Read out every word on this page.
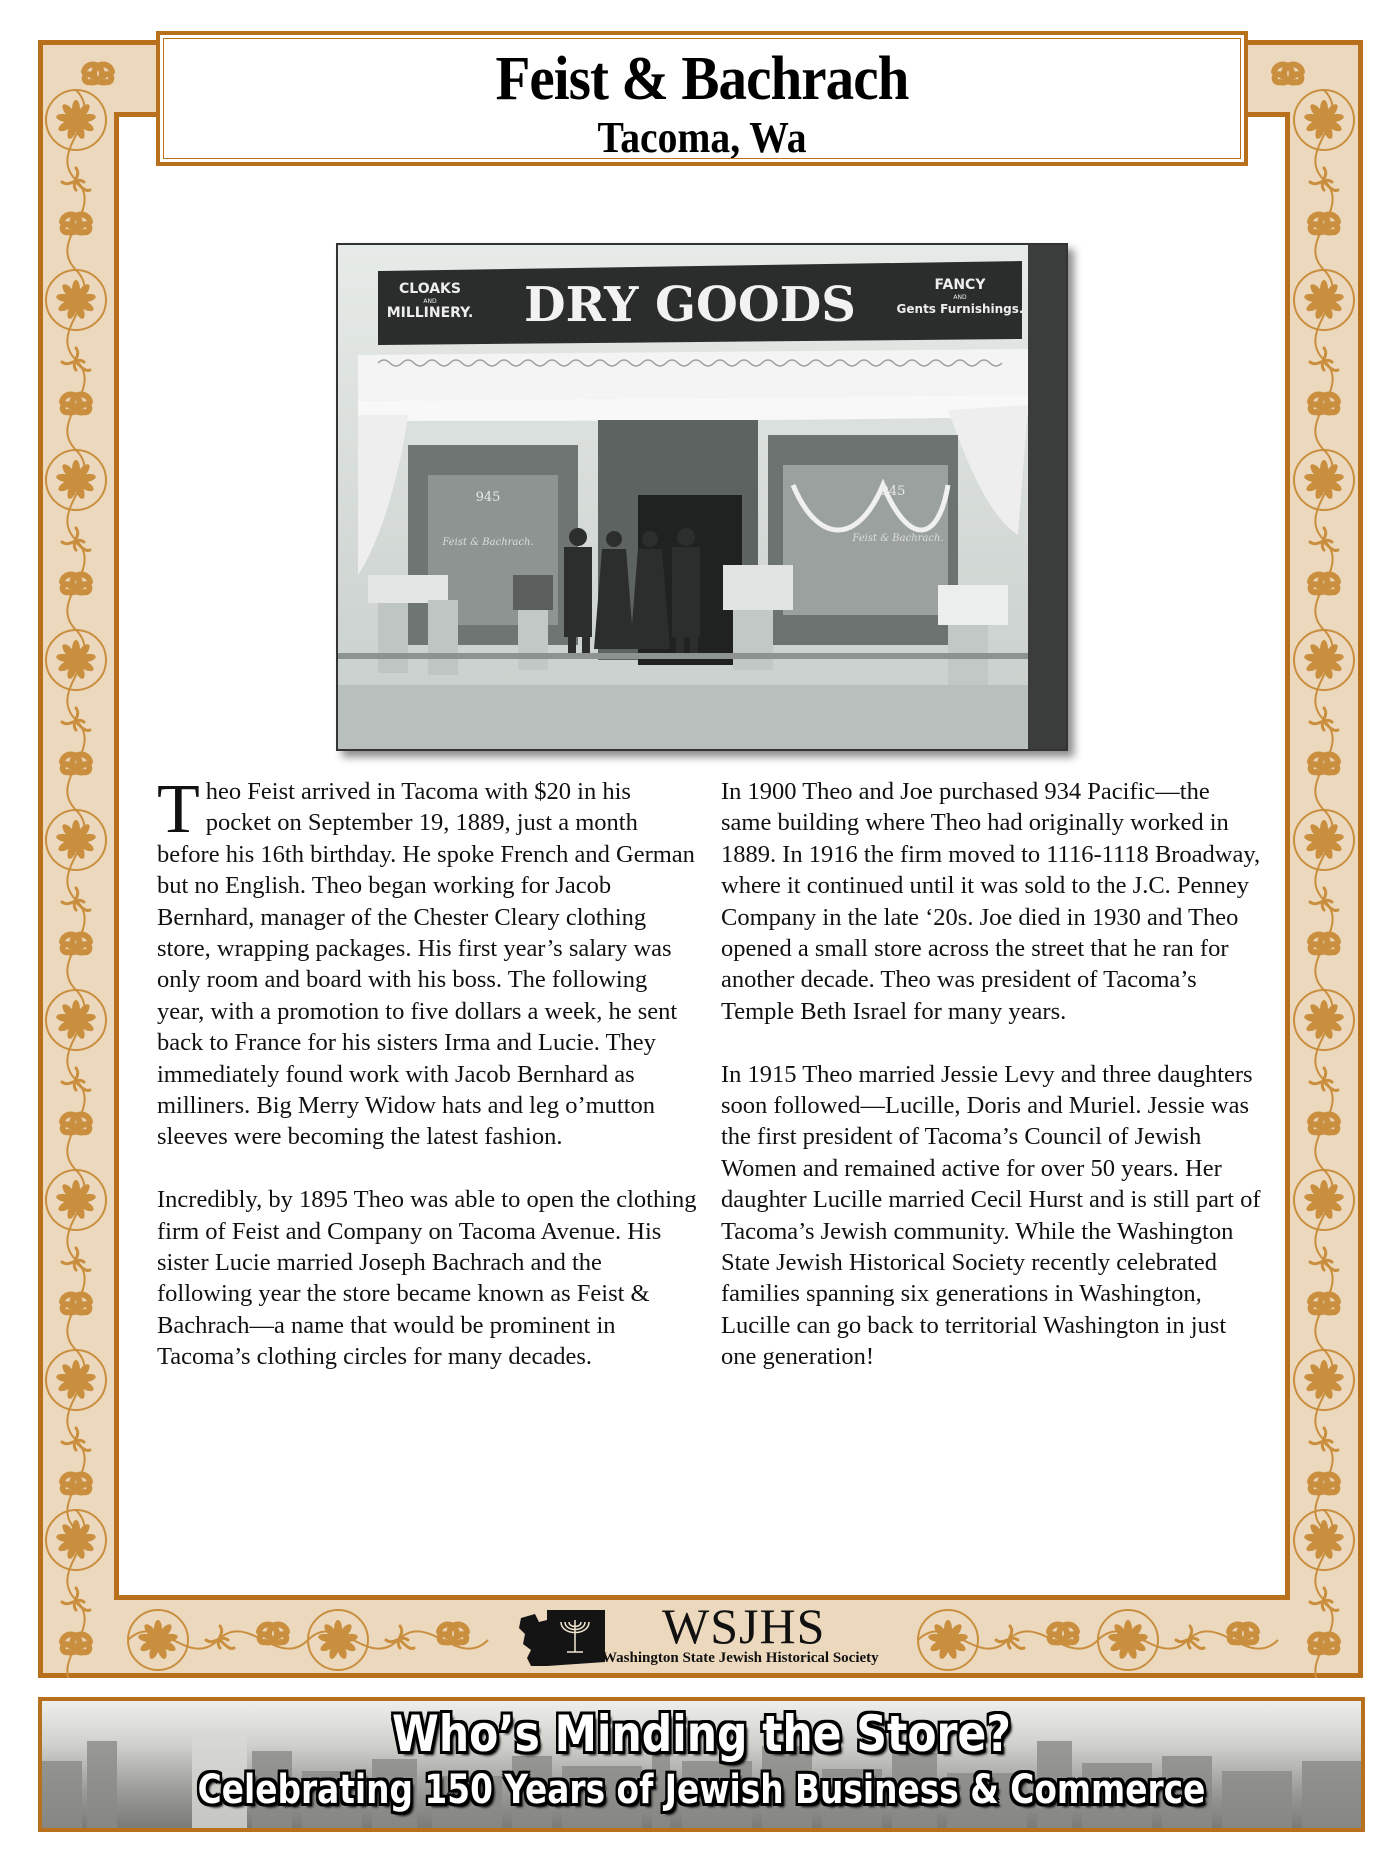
Feist & Bachrach
Tacoma, Wa
CLOAKS
AND
MILLINERY. DRY GOODS	FANCY
AND
Gents Furnishings.
945
Feist & Bachrach.
945
Feist & Bachrach.

Theo Feist arrived in Tacoma with $20 in his pocket on September 19, 1889, just a month before his 16th birthday. He spoke French and German but no English. Theo began working for Jacob Bernhard, manager of the Chester Cleary clothing store, wrapping packages. His first year’s salary was only room and board with his boss. The following year, with a promotion to five dollars a week, he sent back to France for his sisters Irma and Lucie. They immediately found work with Jacob Bernhard as milliners. Big Merry Widow hats and leg o’mutton sleeves were becoming the latest fashion.

Incredibly, by 1895 Theo was able to open the clothing firm of Feist and Company on Tacoma Avenue. His sister Lucie married Joseph Bachrach and the following year the store became known as Feist & Bachrach—a name that would be prominent in Tacoma’s clothing circles for many decades.

In 1900 Theo and Joe purchased 934 Pacific—the same building where Theo had originally worked in 1889. In 1916 the firm moved to 1116-1118 Broadway, where it continued until it was sold to the J.C. Penney Company in the late ‘20s. Joe died in 1930 and Theo opened a small store across the street that he ran for another decade. Theo was president of Tacoma’s Temple Beth Israel for many years.

In 1915 Theo married Jessie Levy and three daughters soon followed—Lucille, Doris and Muriel. Jessie was the first president of Tacoma’s Council of Jewish Women and remained active for over 50 years. Her daughter Lucille married Cecil Hurst and is still part of Tacoma’s Jewish community. While the Washington State Jewish Historical Society recently celebrated families spanning six generations in Washington, Lucille can go back to territorial Washington in just one generation!

WSJHS
Washington State Jewish Historical Society
Who’s Minding the Store?
Celebrating 150 Years of Jewish Business & Commerce
